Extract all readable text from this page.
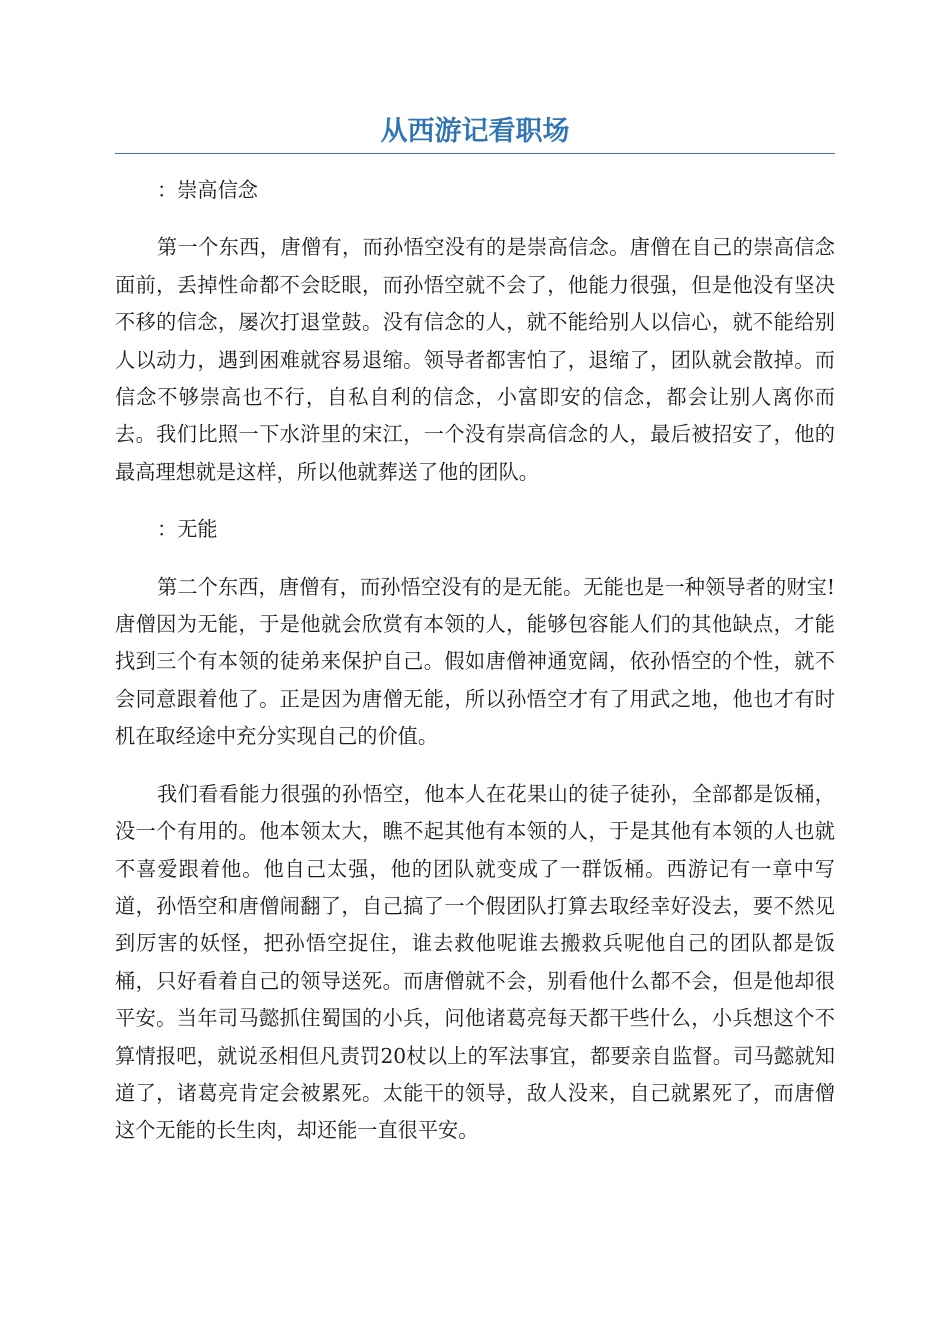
从西游记看职场

：崇高信念

第一个东西，唐僧有，而孙悟空没有的是崇高信念。唐僧在自己的崇高信念面前，丢掉性命都不会眨眼，而孙悟空就不会了，他能力很强，但是他没有坚决不移的信念，屡次打退堂鼓。没有信念的人，就不能给别人以信心，就不能给别人以动力，遇到困难就容易退缩。领导者都害怕了，退缩了，团队就会散掉。而信念不够崇高也不行，自私自利的信念，小富即安的信念，都会让别人离你而去。我们比照一下水浒里的宋江，一个没有崇高信念的人，最后被招安了，他的最高理想就是这样，所以他就葬送了他的团队。

：无能

第二个东西，唐僧有，而孙悟空没有的是无能。无能也是一种领导者的财宝!唐僧因为无能，于是他就会欣赏有本领的人，能够包容能人们的其他缺点，才能找到三个有本领的徒弟来保护自己。假如唐僧神通宽阔，依孙悟空的个性，就不会同意跟着他了。正是因为唐僧无能，所以孙悟空才有了用武之地，他也才有时机在取经途中充分实现自己的价值。

我们看看能力很强的孙悟空，他本人在花果山的徒子徒孙，全部都是饭桶，没一个有用的。他本领太大，瞧不起其他有本领的人，于是其他有本领的人也就不喜爱跟着他。他自己太强，他的团队就变成了一群饭桶。西游记有一章中写道，孙悟空和唐僧闹翻了，自己搞了一个假团队打算去取经幸好没去，要不然见到厉害的妖怪，把孙悟空捉住，谁去救他呢谁去搬救兵呢他自己的团队都是饭桶，只好看着自己的领导送死。而唐僧就不会，别看他什么都不会，但是他却很平安。当年司马懿抓住蜀国的小兵，问他诸葛亮每天都干些什么，小兵想这个不算情报吧，就说丞相但凡责罚20杖以上的军法事宜，都要亲自监督。司马懿就知道了，诸葛亮肯定会被累死。太能干的领导，敌人没来，自己就累死了，而唐僧这个无能的长生肉，却还能一直很平安。
